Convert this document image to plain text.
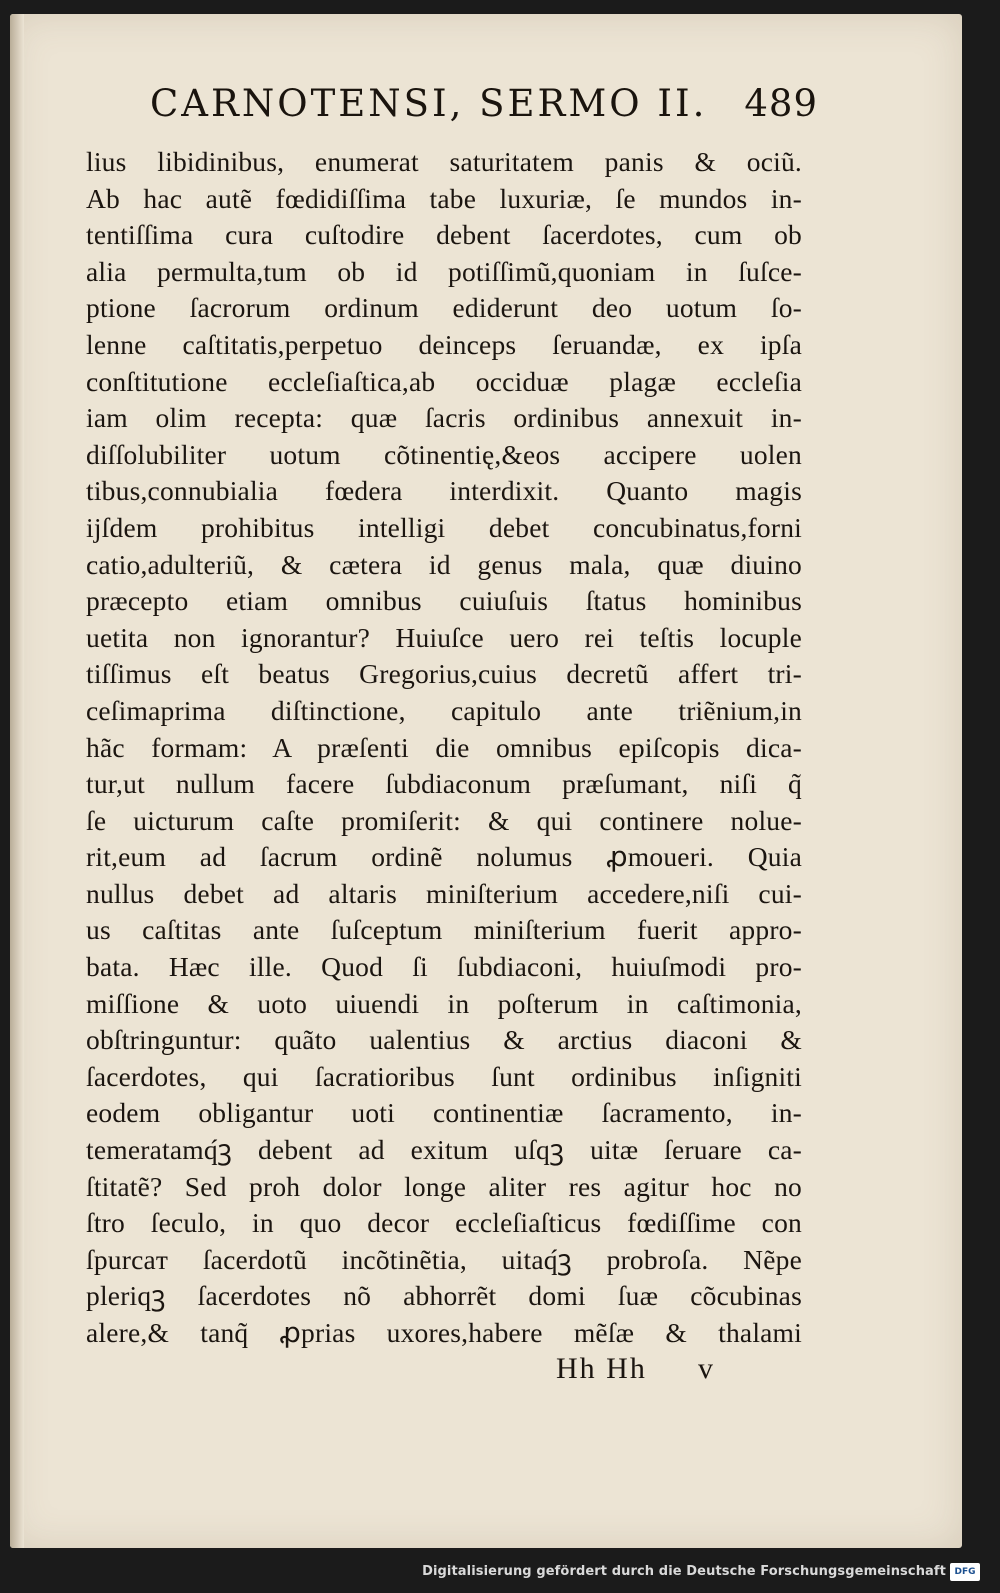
CARNOTENSI, SERMO II. 489
lius libidinibus, enumerat saturitatem panis & ociũ.
Ab hac autẽ fœdidiſſima tabe luxuriæ, ſe mundos in-
tentiſſima cura cuſtodire debent ſacerdotes, cum ob
alia permulta,tum ob id potiſſimũ,quoniam in ſuſce-
ptione ſacrorum ordinum ediderunt deo uotum ſo-
lenne caſtitatis,perpetuo deinceps ſeruandæ, ex ipſa
conſtitutione eccleſiaſtica,ab occiduæ plagæ eccleſia
iam olim recepta: quæ ſacris ordinibus annexuit in-
diſſolubiliter uotum cõtinentię,&eos accipere uolen
tibus,connubialia fœdera interdixit. Quanto magis
ijſdem prohibitus intelligi debet concubinatus,forni
catio,adulteriũ, & cætera id genus mala, quæ diuino
præcepto etiam omnibus cuiuſuis ſtatus hominibus
uetita non ignorantur? Huiuſce uero rei teſtis locuple
tiſſimus eſt beatus Gregorius,cuius decretũ affert tri-
ceſimaprima diſtinctione, capitulo ante triẽnium,in
hãc formam: A præſenti die omnibus epiſcopis dica-
tur,ut nullum facere ſubdiaconum præſumant, niſi q̃
ſe uicturum caſte promiſerit: & qui continere noluе-
rit,eum ad ſacrum ordinẽ nolumus ꝓmoueri. Quia
nullus debet ad altaris miniſterium accedere,niſi cui-
us caſtitas ante ſuſceptum miniſterium fuerit appro-
bata. Hæc ille. Quod ſi ſubdiaconi, huiuſmodi pro-
miſſione & uoto uiuendi in poſterum in caſtimonia,
obſtringuntur: quãto ualentius & arctius diaconi &
ſacerdotes, qui ſacratioribus ſunt ordinibus inſigniti
eodem obligantur uoti continentiæ ſacramento, in-
temeratamq́ꝫ debent ad exitum uſqꝫ uitæ ſeruare ca-
ſtitatẽ? Sed proh dolor longe aliter res agitur hoc no
ſtro ſeculo, in quo decor eccleſiaſticus fœdiſſime con
ſpurcaт ſacerdotũ incõtinẽtia, uitaq́ꝫ probroſa. Nẽpe
pleriqꝫ ſacerdotes nõ abhorrẽt domi ſuæ cõcubinas
alere,& tanq̃ ꝓprias uxores,habere mẽſæ & thalami
Hh Hh v
Digitalisierung gefördert durch die Deutsche Forschungsgemeinschaft DFG
